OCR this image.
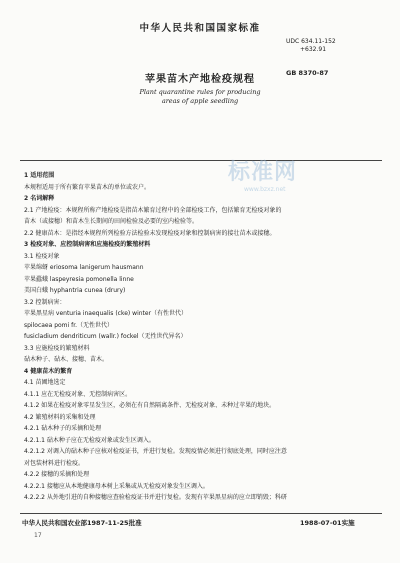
中华人民共和国国家标准
UDC 634.11-152
+632.91
GB 8370-87
苹果苗木产地检疫规程
Plant quarantine rules for producing
areas of apple seedling
1 适用范围
本规程适用于所有繁育苹果苗木的单位或农户。
2 名词解释
2.1 产地检疫：本规程所称产地检疫是指苗木繁育过程中的全部检疫工作，包括繁育无检疫对象的
苗木（或接穗）和苗木生长期间的田间检验及必要的室内检验等。
2.2 健康苗木：是指经本规程所列检验方法检验未发现检疫对象和控制病害的接壮苗木或接穗。
3 检疫对象、应控制病害和应施检疫的繁殖材料
3.1 检疫对象
苹果绵蚜 eriosoma lanigerum hausmann
苹果蠹蛾 laspeyresia pomonella linne
美国白蛾 hyphantria cunea (drury)
3.2 控制病害：
苹果黑星病 venturia inaequalis (cke) winter（有性世代）
spilocaea pomi fr.（无性世代）
fusicladium dendriticum (wallr.) fockel（无性世代异名）
3.3 应施检疫的繁殖材料
砧木种子、砧木、接穗、苗木。
4 健康苗木的繁育
4.1 苗圃地选定
4.1.1 应在无检疫对象、无控制病害区。
4.1.2 如果在检疫对象零星发生区，必须在有自然隔离条件、无检疫对象、未种过苹果的地块。
4.2 繁殖材料的采集和处理
4.2.1 砧木种子的采摘和处理
4.2.1.1 砧木种子应在无检疫对象或发生区调入。
4.2.1.2 对调入的砧木种子应核对检疫证书，并进行复检。发现疫情必须进行彻底处理，同时应注意
对包装材料进行检疫。
4.2.2 接穗的采摘和处理
4.2.2.1 接穗应从本地健康母本树上采集或从无检疫对象发生区调入。
4.2.2.2 从外地引进的自种接穗应查验检疫证书并进行复检。发现有苹果黑星病的应立即销毁；科研
标准网
www.bzxz.net
中华人民共和国农业部1987-11-25批准	1988-07-01实施
17
